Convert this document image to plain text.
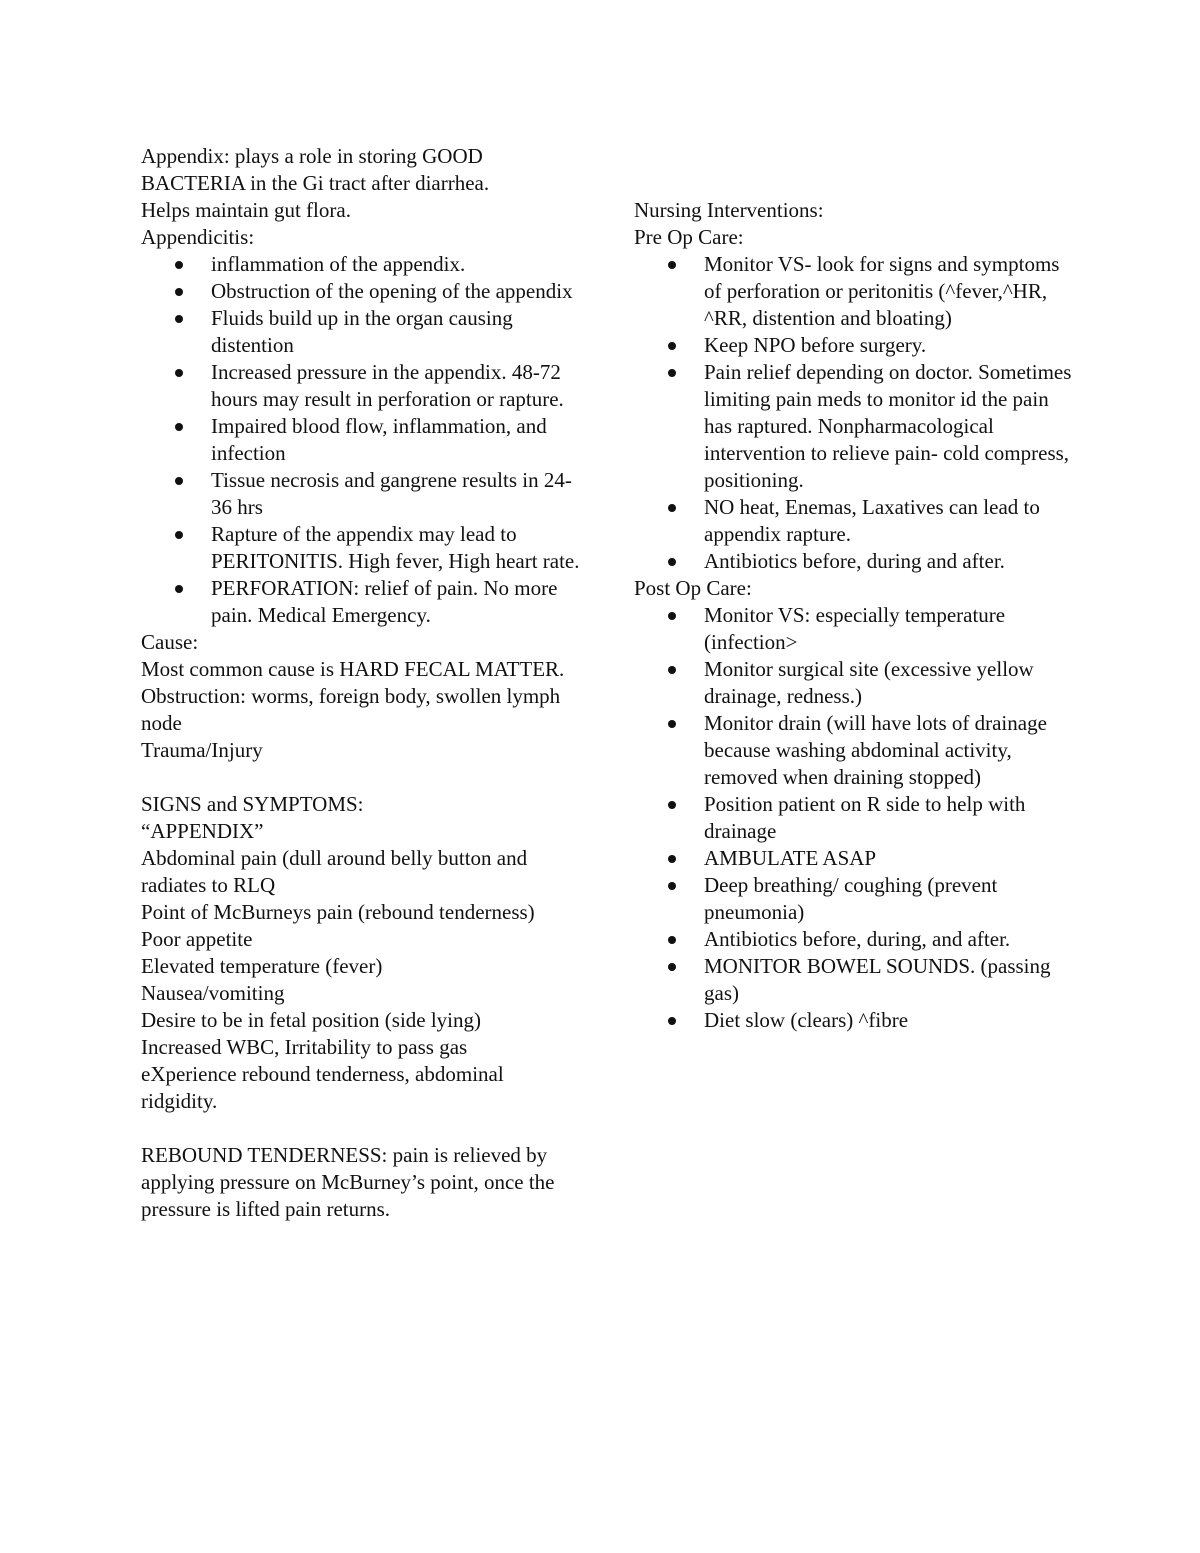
Appendix: plays a role in storing GOOD BACTERIA in the Gi tract after diarrhea.
Helps maintain gut flora.
Appendicitis:
inflammation of the appendix.
Obstruction of the opening of the appendix
Fluids build up in the organ causing distention
Increased pressure in the appendix. 48-72 hours may result in perforation or rapture.
Impaired blood flow, inflammation, and infection
Tissue necrosis and gangrene results in 24-36 hrs
Rapture of the appendix may lead to PERITONITIS. High fever, High heart rate.
PERFORATION: relief of pain. No more pain. Medical Emergency.
Cause:
Most common cause is HARD FECAL MATTER.
Obstruction: worms, foreign body, swollen lymph node
Trauma/Injury
SIGNS and SYMPTOMS:
“APPENDIX”
Abdominal pain (dull around belly button and radiates to RLQ
Point of McBurneys pain (rebound tenderness)
Poor appetite
Elevated temperature (fever)
Nausea/vomiting
Desire to be in fetal position (side lying)
Increased WBC, Irritability to pass gas
eXperience rebound tenderness, abdominal ridgidity.
REBOUND TENDERNESS: pain is relieved by applying pressure on McBurney’s point, once the pressure is lifted pain returns.
Nursing Interventions:
Pre Op Care:
Monitor VS- look for signs and symptoms of perforation or peritonitis (^fever,^HR, ^RR, distention and bloating)
Keep NPO before surgery.
Pain relief depending on doctor. Sometimes limiting pain meds to monitor id the pain has raptured. Nonpharmacological intervention to relieve pain- cold compress, positioning.
NO heat, Enemas, Laxatives can lead to appendix rapture.
Antibiotics before, during and after.
Post Op Care:
Monitor VS: especially temperature (infection>
Monitor surgical site (excessive yellow drainage, redness.)
Monitor drain (will have lots of drainage because washing abdominal activity, removed when draining stopped)
Position patient on R side to help with drainage
AMBULATE ASAP
Deep breathing/ coughing (prevent pneumonia)
Antibiotics before, during, and after.
MONITOR BOWEL SOUNDS. (passing gas)
Diet slow (clears) ^fibre
